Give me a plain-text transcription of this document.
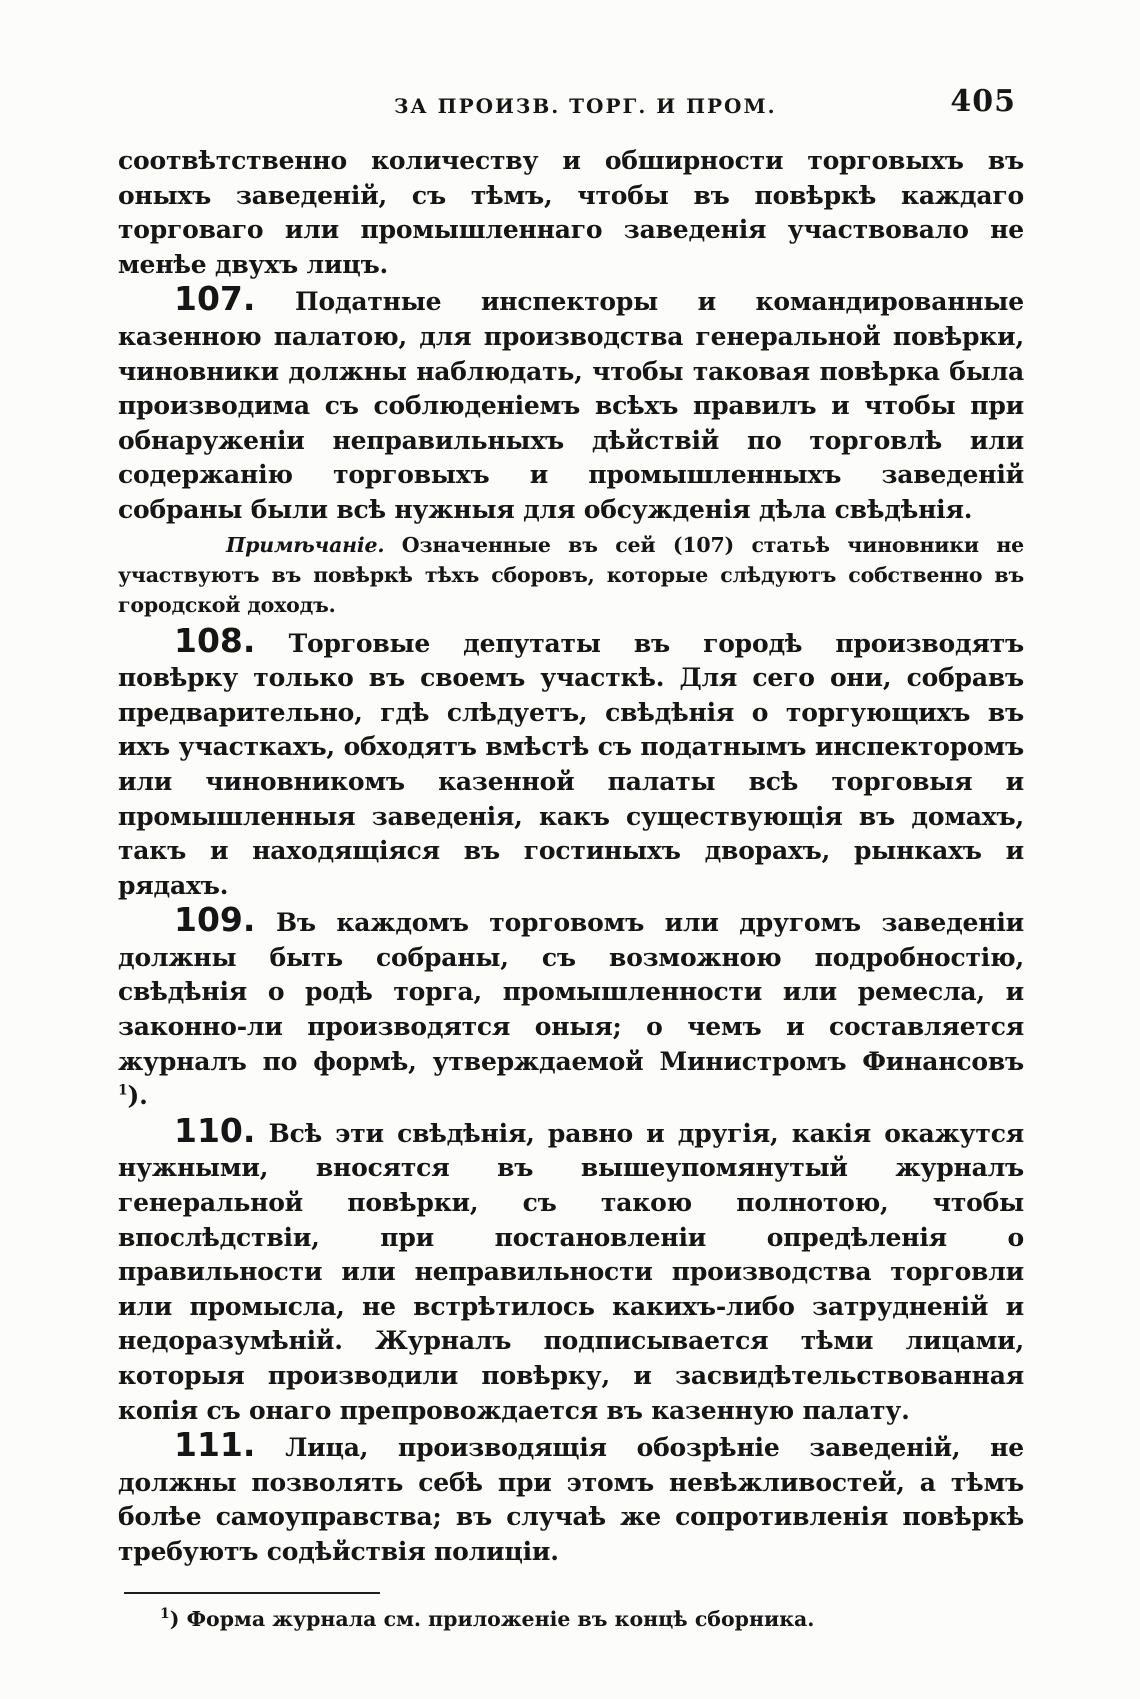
ЗА ПРОИЗВ. ТОРГ. И ПРОМ.	405

соотвѣтственно количеству и обширности торговыхъ въ оныхъ заведеній, съ тѣмъ, чтобы въ повѣркѣ каждаго торговаго или промышленнаго заведенія участвовало не менѣе двухъ лицъ.

107. Податные инспекторы и командированные казенною палатою, для производства генеральной повѣрки, чиновники должны наблюдать, чтобы таковая повѣрка была производима съ соблюденіемъ всѣхъ правилъ и чтобы при обнаруженіи неправильныхъ дѣйствій по торговлѣ или содержанію торговыхъ и промышленныхъ заведеній собраны были всѣ нужныя для обсужденія дѣла свѣдѣнія.

Примѣчаніе. Означенные въ сей (107) статьѣ чиновники не участвуютъ въ повѣркѣ тѣхъ сборовъ, которые слѣдуютъ собственно въ городской доходъ.

108. Торговые депутаты въ городѣ производятъ повѣрку только въ своемъ участкѣ. Для сего они, собравъ предварительно, гдѣ слѣдуетъ, свѣдѣнія о торгующихъ въ ихъ участкахъ, обходятъ вмѣстѣ съ податнымъ инспекторомъ или чиновникомъ казенной палаты всѣ торговыя и промышленныя заведенія, какъ существующія въ домахъ, такъ и находящіяся въ гостиныхъ дворахъ, рынкахъ и рядахъ.

109. Въ каждомъ торговомъ или другомъ заведеніи должны быть собраны, съ возможною подробностію, свѣдѣнія о родѣ торга, промышленности или ремесла, и законно-ли производятся оныя; о чемъ и составляется журналъ по формѣ, утверждаемой Министромъ Финансовъ $^1$).

110. Всѣ эти свѣдѣнія, равно и другія, какія окажутся нужными, вносятся въ вышеупомянутый журналъ генеральной повѣрки, съ такою полнотою, чтобы впослѣдствіи, при постановленіи опредѣленія о правильности или неправильности производства торговли или промысла, не встрѣтилось какихъ-либо затрудненій и недоразумѣній. Журналъ подписывается тѣми лицами, которыя производили повѣрку, и засвидѣтельствованная копія съ онаго препровождается въ казенную палату.

111. Лица, производящія обозрѣніе заведеній, не должны позволять себѣ при этомъ невѣжливостей, а тѣмъ болѣе самоуправства; въ случаѣ же сопротивленія повѣркѣ требуютъ содѣйствія полиціи.

$^1$) Форма журнала см. приложеніе въ концѣ сборника.
